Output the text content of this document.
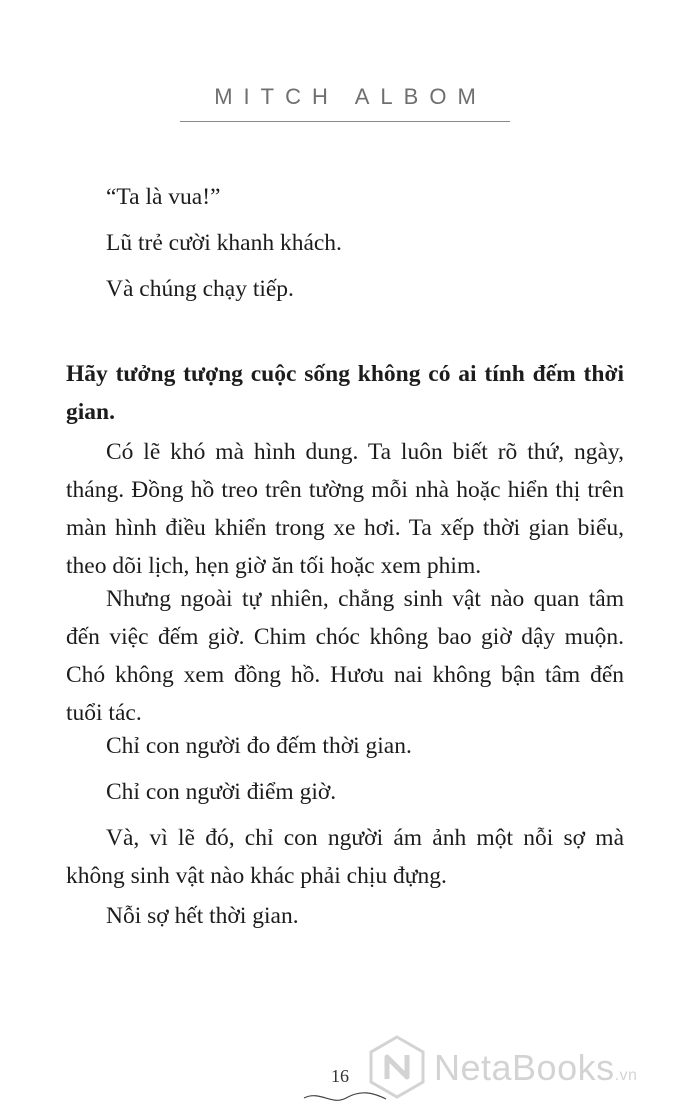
MITCH ALBOM

“Ta là vua!”

Lũ trẻ cười khanh khách.

Và chúng chạy tiếp.

Hãy tưởng tượng cuộc sống không có ai tính đếm thời gian.

Có lẽ khó mà hình dung. Ta luôn biết rõ thứ, ngày, tháng. Đồng hồ treo trên tường mỗi nhà hoặc hiển thị trên màn hình điều khiển trong xe hơi. Ta xếp thời gian biểu, theo dõi lịch, hẹn giờ ăn tối hoặc xem phim.

Nhưng ngoài tự nhiên, chẳng sinh vật nào quan tâm đến việc đếm giờ. Chim chóc không bao giờ dậy muộn. Chó không xem đồng hồ. Hươu nai không bận tâm đến tuổi tác.

Chỉ con người đo đếm thời gian.

Chỉ con người điểm giờ.

Và, vì lẽ đó, chỉ con người ám ảnh một nỗi sợ mà không sinh vật nào khác phải chịu đựng.

Nỗi sợ hết thời gian.

16	NetaBooks.vn
